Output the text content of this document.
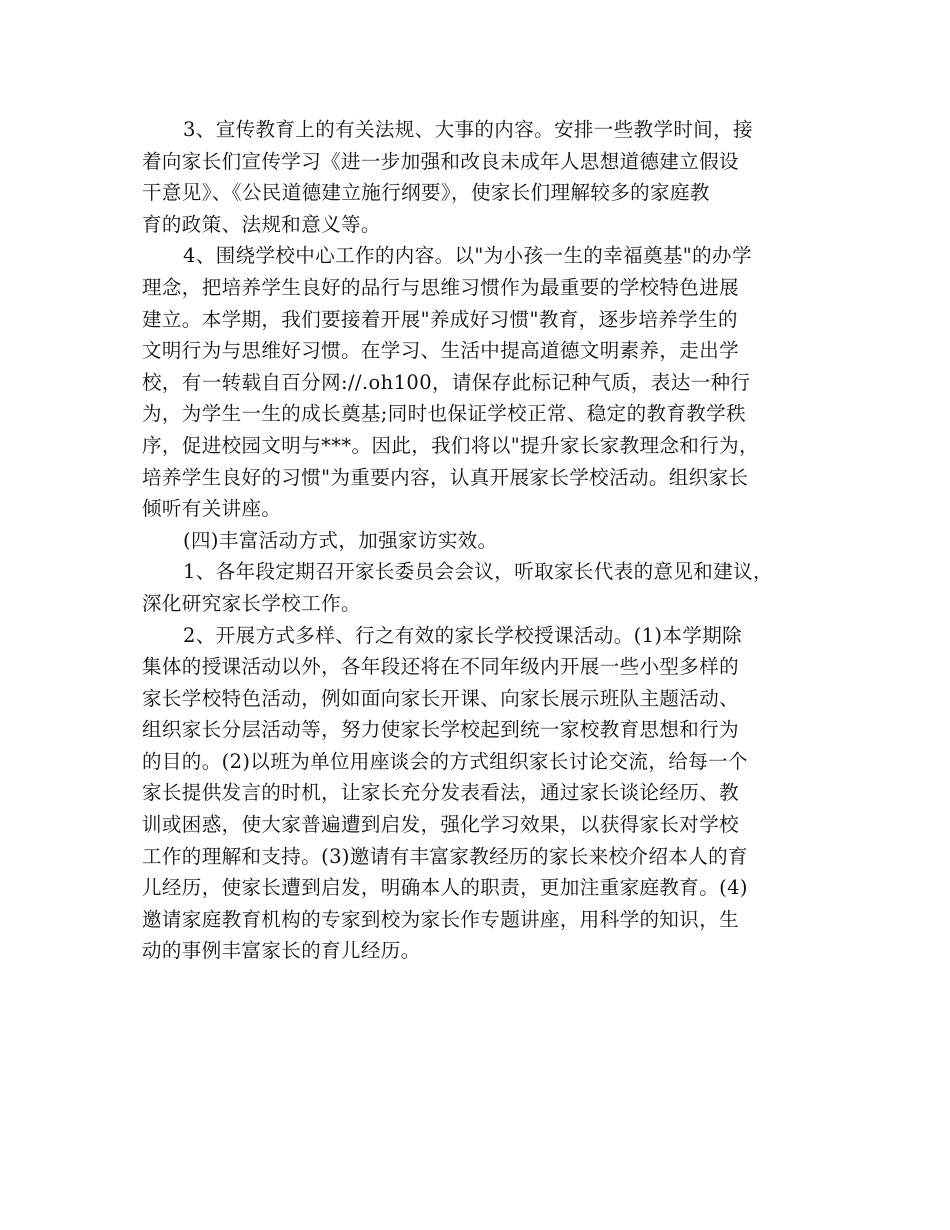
3、宣传教育上的有关法规、大事的内容。安排一些教学时间，接
着向家长们宣传学习《进一步加强和改良未成年人思想道德建立假设
干意见》、《公民道德建立施行纲要》，使家长们理解较多的家庭教
育的政策、法规和意义等。
4、围绕学校中心工作的内容。以"为小孩一生的幸福奠基"的办学
理念，把培养学生良好的品行与思维习惯作为最重要的学校特色进展
建立。本学期，我们要接着开展"养成好习惯"教育，逐步培养学生的
文明行为与思维好习惯。在学习、生活中提高道德文明素养，走出学
校，有一转载自百分网://.oh100，请保存此标记种气质，表达一种行
为，为学生一生的成长奠基;同时也保证学校正常、稳定的教育教学秩
序，促进校园文明与***。因此，我们将以"提升家长家教理念和行为，
培养学生良好的习惯"为重要内容，认真开展家长学校活动。组织家长
倾听有关讲座。
(四)丰富活动方式，加强家访实效。
1、各年段定期召开家长委员会会议，听取家长代表的意见和建议，
深化研究家长学校工作。
2、开展方式多样、行之有效的家长学校授课活动。(1)本学期除
集体的授课活动以外，各年段还将在不同年级内开展一些小型多样的
家长学校特色活动，例如面向家长开课、向家长展示班队主题活动、
组织家长分层活动等，努力使家长学校起到统一家校教育思想和行为
的目的。(2)以班为单位用座谈会的方式组织家长讨论交流，给每一个
家长提供发言的时机，让家长充分发表看法，通过家长谈论经历、教
训或困惑，使大家普遍遭到启发，强化学习效果，以获得家长对学校
工作的理解和支持。(3)邀请有丰富家教经历的家长来校介绍本人的育
儿经历，使家长遭到启发，明确本人的职责，更加注重家庭教育。(4)
邀请家庭教育机构的专家到校为家长作专题讲座，用科学的知识，生
动的事例丰富家长的育儿经历。
